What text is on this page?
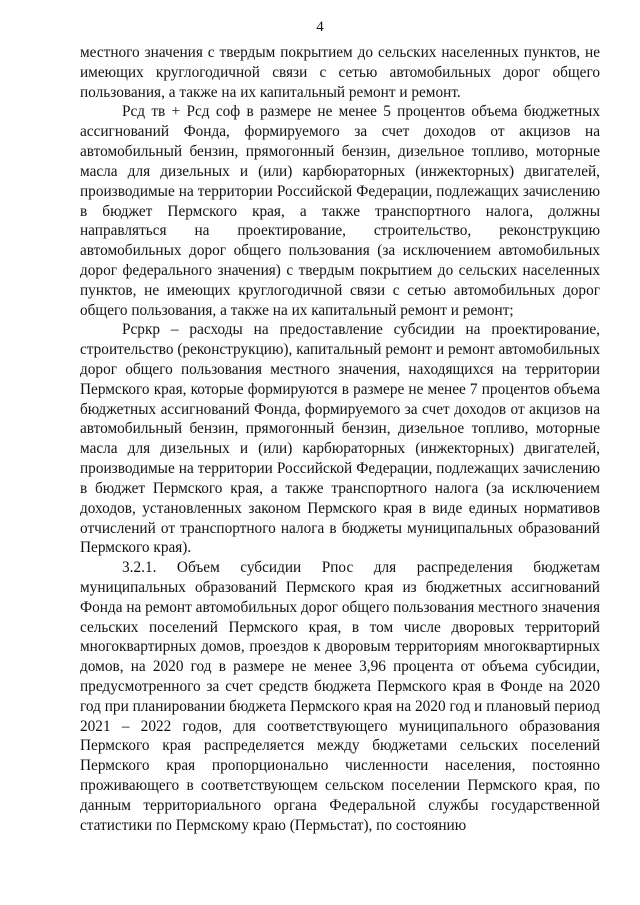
4

местного значения с твердым покрытием до сельских населенных пунктов, не имеющих круглогодичной связи с сетью автомобильных дорог общего пользования, а также на их капитальный ремонт и ремонт.

Рсд тв + Рсд соф в размере не менее 5 процентов объема бюджетных ассигнований Фонда, формируемого за счет доходов от акцизов на автомобильный бензин, прямогонный бензин, дизельное топливо, моторные масла для дизельных и (или) карбюраторных (инжекторных) двигателей, производимые на территории Российской Федерации, подлежащих зачислению в бюджет Пермского края, а также транспортного налога, должны направляться на проектирование, строительство, реконструкцию автомобильных дорог общего пользования (за исключением автомобильных дорог федерального значения) с твердым покрытием до сельских населенных пунктов, не имеющих круглогодичной связи с сетью автомобильных дорог общего пользования, а также на их капитальный ремонт и ремонт;

Рсркр – расходы на предоставление субсидии на проектирование, строительство (реконструкцию), капитальный ремонт и ремонт автомобильных дорог общего пользования местного значения, находящихся на территории Пермского края, которые формируются в размере не менее 7 процентов объема бюджетных ассигнований Фонда, формируемого за счет доходов от акцизов на автомобильный бензин, прямогонный бензин, дизельное топливо, моторные масла для дизельных и (или) карбюраторных (инжекторных) двигателей, производимые на территории Российской Федерации, подлежащих зачислению в бюджет Пермского края, а также транспортного налога (за исключением доходов, установленных законом Пермского края в виде единых нормативов отчислений от транспортного налога в бюджеты муниципальных образований Пермского края).

3.2.1. Объем субсидии Рпос для распределения бюджетам муниципальных образований Пермского края из бюджетных ассигнований Фонда на ремонт автомобильных дорог общего пользования местного значения сельских поселений Пермского края, в том числе дворовых территорий многоквартирных домов, проездов к дворовым территориям многоквартирных домов, на 2020 год в размере не менее 3,96 процента от объема субсидии, предусмотренного за счет средств бюджета Пермского края в Фонде на 2020 год при планировании бюджета Пермского края на 2020 год и плановый период 2021 – 2022 годов, для соответствующего муниципального образования Пермского края распределяется между бюджетами сельских поселений Пермского края пропорционально численности населения, постоянно проживающего в соответствующем сельском поселении Пермского края, по данным территориального органа Федеральной службы государственной статистики по Пермскому краю (Пермьстат), по состоянию
